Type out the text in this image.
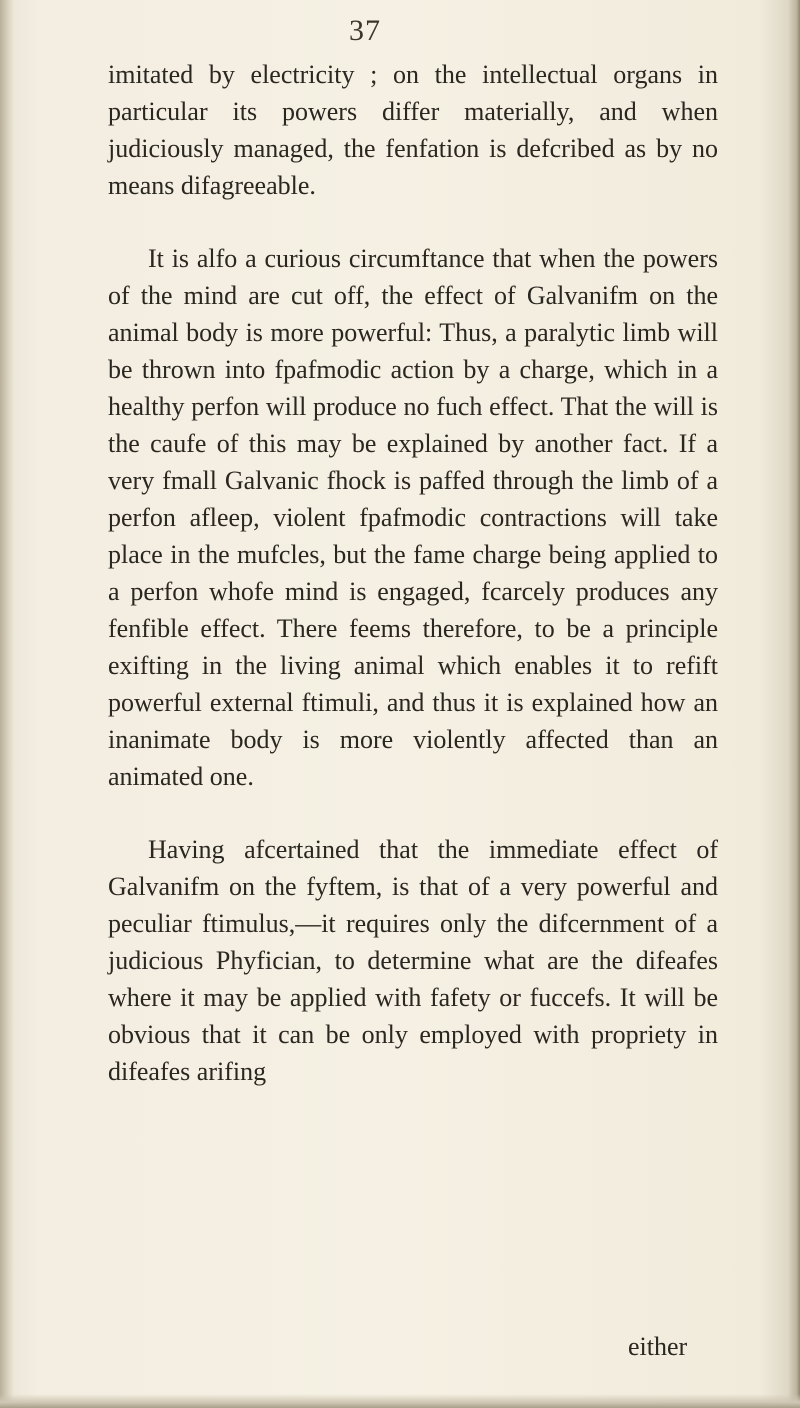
37

imitated by electricity ; on the intellectual organs in particular its powers differ materially, and when judiciously managed, the fenfation is defcribed as by no means difagreeable.

It is alfo a curious circumftance that when the powers of the mind are cut off, the effect of Galvanifm on the animal body is more powerful: Thus, a paralytic limb will be thrown into fpafmodic action by a charge, which in a healthy perfon will produce no fuch effect. That the will is the caufe of this may be explained by another fact. If a very fmall Galvanic fhock is paffed through the limb of a perfon afleep, violent fpafmodic contractions will take place in the mufcles, but the fame charge being applied to a perfon whofe mind is engaged, fcarcely produces any fenfible effect. There feems therefore, to be a principle exifting in the living animal which enables it to refift powerful external ftimuli, and thus it is explained how an inanimate body is more violently affected than an animated one.

Having afcertained that the immediate effect of Galvanifm on the fyftem, is that of a very powerful and peculiar ftimulus,—it requires only the difcernment of a judicious Phyfician, to determine what are the difeafes where it may be applied with fafety or fuccefs. It will be obvious that it can be only employed with propriety in difeafes arifing

either
